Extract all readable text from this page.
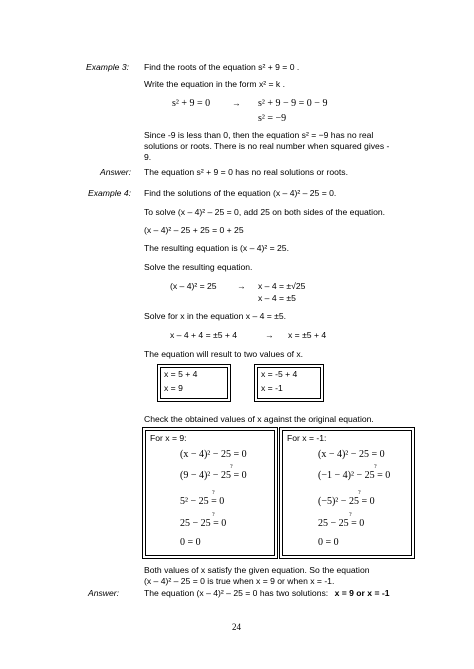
Example 3: Find the roots of the equation s² + 9 = 0 .
Write the equation in the form x² = k .
s² + 9 = 0	→ s² + 9 − 9 = 0 − 9
s² = −9
Since -9 is less than 0, then the equation s² = −9 has no real
solutions or roots. There is no real number when squared gives -
9.
Answer: The equation s² + 9 = 0 has no real solutions or roots.
Example 4: Find the solutions of the equation (x – 4)² – 25 = 0.
To solve (x – 4)² – 25 = 0, add 25 on both sides of the equation.
(x – 4)² – 25 + 25 = 0 + 25
The resulting equation is (x – 4)² = 25.
Solve the resulting equation.
(x – 4)² = 25 → x – 4 = ±√25
x – 4 = ±5
Solve for x in the equation x – 4 = ±5.
x – 4 + 4 = ±5 + 4	→ x = ±5 + 4
The equation will result to two values of x.
x = 5 + 4
x = 9
x = -5 + 4
x = -1
Check the obtained values of x against the original equation.
For x = 9:
(x − 4)² − 25 = 0
?
(9 − 4)² − 25 = 0
?
5² − 25 = 0
?
25 − 25 = 0
0 = 0
For x = -1:
(x − 4)² − 25 = 0
?
(−1 − 4)² − 25 = 0
?
(−5)² − 25 = 0
?
25 − 25 = 0
0 = 0
Both values of x satisfy the given equation. So the equation
(x – 4)² – 25 = 0 is true when x = 9 or when x = -1.
Answer:	The equation (x – 4)² – 25 = 0 has two solutions: x = 9 or x = -1
24
